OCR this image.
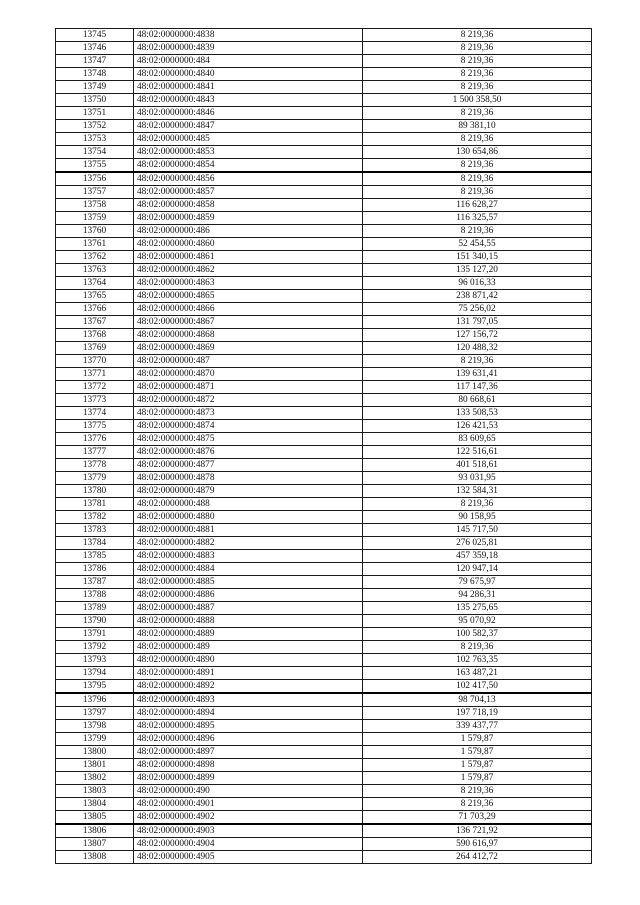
13745	48:02:0000000:4838	8 219,36
13746	48:02:0000000:4839	8 219,36
13747	48:02:0000000:484	8 219,36
13748	48:02:0000000:4840	8 219,36
13749	48:02:0000000:4841	8 219,36
13750	48:02:0000000:4843	1 500 358,50
13751	48:02:0000000:4846	8 219,36
13752	48:02:0000000:4847	89 381,10
13753	48:02:0000000:485	8 219,36
13754	48:02:0000000:4853	130 654,86
13755	48:02:0000000:4854	8 219,36
13756	48:02:0000000:4856	8 219,36
13757	48:02:0000000:4857	8 219,36
13758	48:02:0000000:4858	116 628,27
13759	48:02:0000000:4859	116 325,57
13760	48:02:0000000:486	8 219,36
13761	48:02:0000000:4860	52 454,55
13762	48:02:0000000:4861	151 340,15
13763	48:02:0000000:4862	135 127,20
13764	48:02:0000000:4863	96 016,33
13765	48:02:0000000:4865	238 871,42
13766	48:02:0000000:4866	75 256,02
13767	48:02:0000000:4867	131 797,05
13768	48:02:0000000:4868	127 156,72
13769	48:02:0000000:4869	120 488,32
13770	48:02:0000000:487	8 219,36
13771	48:02:0000000:4870	139 631,41
13772	48:02:0000000:4871	117 147,36
13773	48:02:0000000:4872	80 668,61
13774	48:02:0000000:4873	133 508,53
13775	48:02:0000000:4874	126 421,53
13776	48:02:0000000:4875	83 609,65
13777	48:02:0000000:4876	122 516,61
13778	48:02:0000000:4877	401 518,61
13779	48:02:0000000:4878	93 031,95
13780	48:02:0000000:4879	132 584,31
13781	48:02:0000000:488	8 219,36
13782	48:02:0000000:4880	90 158,95
13783	48:02:0000000:4881	145 717,50
13784	48:02:0000000:4882	276 025,81
13785	48:02:0000000:4883	457 359,18
13786	48:02:0000000:4884	120 947,14
13787	48:02:0000000:4885	79 675,97
13788	48:02:0000000:4886	94 286,31
13789	48:02:0000000:4887	135 275,65
13790	48:02:0000000:4888	95 070,92
13791	48:02:0000000:4889	100 582,37
13792	48:02:0000000:489	8 219,36
13793	48:02:0000000:4890	102 763,35
13794	48:02:0000000:4891	163 487,21
13795	48:02:0000000:4892	102 417,50
13796	48:02:0000000:4893	98 704,13
13797	48:02:0000000:4894	197 718,19
13798	48:02:0000000:4895	339 437,77
13799	48:02:0000000:4896	1 579,87
13800	48:02:0000000:4897	1 579,87
13801	48:02:0000000:4898	1 579,87
13802	48:02:0000000:4899	1 579,87
13803	48:02:0000000:490	8 219,36
13804	48:02:0000000:4901	8 219,36
13805	48:02:0000000:4902	71 703,29
13806	48:02:0000000:4903	136 721,92
13807	48:02:0000000:4904	590 616,97
13808	48:02:0000000:4905	264 412,72
